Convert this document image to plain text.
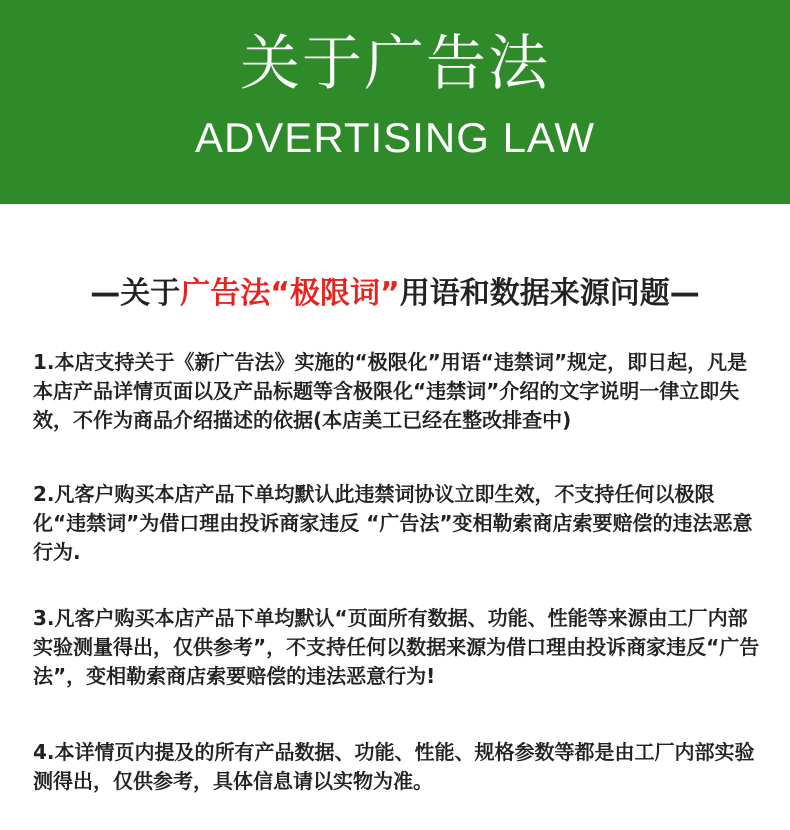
关于广告法
ADVERTISING LAW
—关于广告法“极限词”用语和数据来源问题—

1.本店支持关于《新广告法》实施的“极限化”用语“违禁词”规定，即日起，凡是本店产品详情页面以及产品标题等含极限化“违禁词”介绍的文字说明一律立即失效，不作为商品介绍描述的依据(本店美工已经在整改排查中)

2.凡客户购买本店产品下单均默认此违禁词协议立即生效，不支持任何以极限化“违禁词”为借口理由投诉商家违反 “广告法”变相勒索商店索要赔偿的违法恶意行为.

3.凡客户购买本店产品下单均默认“页面所有数据、功能、性能等来源由工厂内部实验测量得出，仅供参考”，不支持任何以数据来源为借口理由投诉商家违反“广告法”，变相勒索商店索要赔偿的违法恶意行为!

4.本详情页内提及的所有产品数据、功能、性能、规格参数等都是由工厂内部实验测得出，仅供参考，具体信息请以实物为准。
